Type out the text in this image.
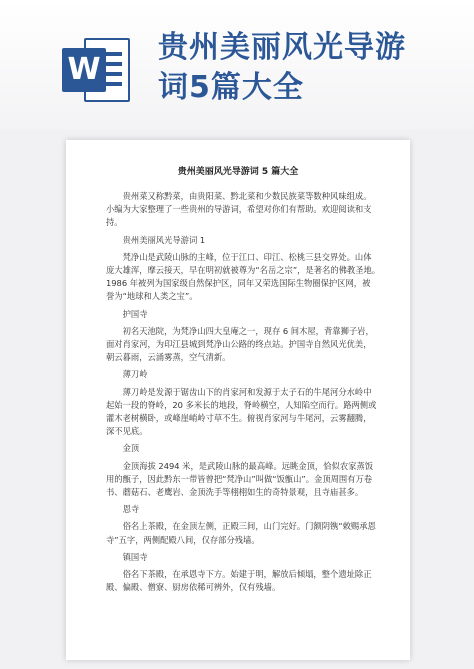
W
贵州美丽风光导游
词5篇大全
贵州美丽风光导游词 5 篇大全

贵州菜又称黔菜，由贵阳菜、黔北菜和少数民族菜等数种风味组成。小编为大家整理了一些贵州的导游词，希望对你们有帮助。欢迎阅读和支持。

贵州美丽风光导游词 1

梵净山是武陵山脉的主峰，位于江口、印江、松桃三县交界处。山体庞大雄浑，摩云接天，早在明初就被尊为“名岳之宗”，是著名的佛教圣地。　1986 年被列为国家级自然保护区，同年又荣选国际生物圈保护区网，被誉为“地球和人类之宝”。

护国寺

初名天池院，为梵净山四大皇庵之一，现存 6 间木屋，背靠狮子岩，面对肖家河，为印江县城到梵净山公路的终点站。护国寺自然风光优美，朝云暮雨，云涌雾蒸，空气清新。

薄刀岭

薄刀岭是发源于锯齿山下的肖家河和发源于太子石的牛尾河分水岭中起始一段的脊岭，20 多米长的地段，脊岭横空，人知陷空而行。路两侧或灌木老树横卧，或峰崖峭岭寸草不生。俯视肖家河与牛尾河，云雾翻腾，深不见底。

金顶

金顶海拔 2494 米，是武陵山脉的最高峰。远眺金顶，恰似农家蒸饭用的甑子，因此黔东一带皆曾把“梵净山”叫做“饭甑山”。金顶周围有万卷书、蘑菇石、老鹰岩、金顶洗手等栩栩如生的奇特景观，且寺庙甚多。

恩寺

俗名上茶殿，在金顶左侧，正殿三间，山门完好。门额阴镌“敕赐承恩寺”五字，两侧配殿八间，仅存部分残墙。

镇国寺

俗名下茶殿，在承恩寺下方。始建于明，解放后倾塌，整个遗址除正殿、偏殿、僧寮、厨房依稀可辨外，仅有残墙。
